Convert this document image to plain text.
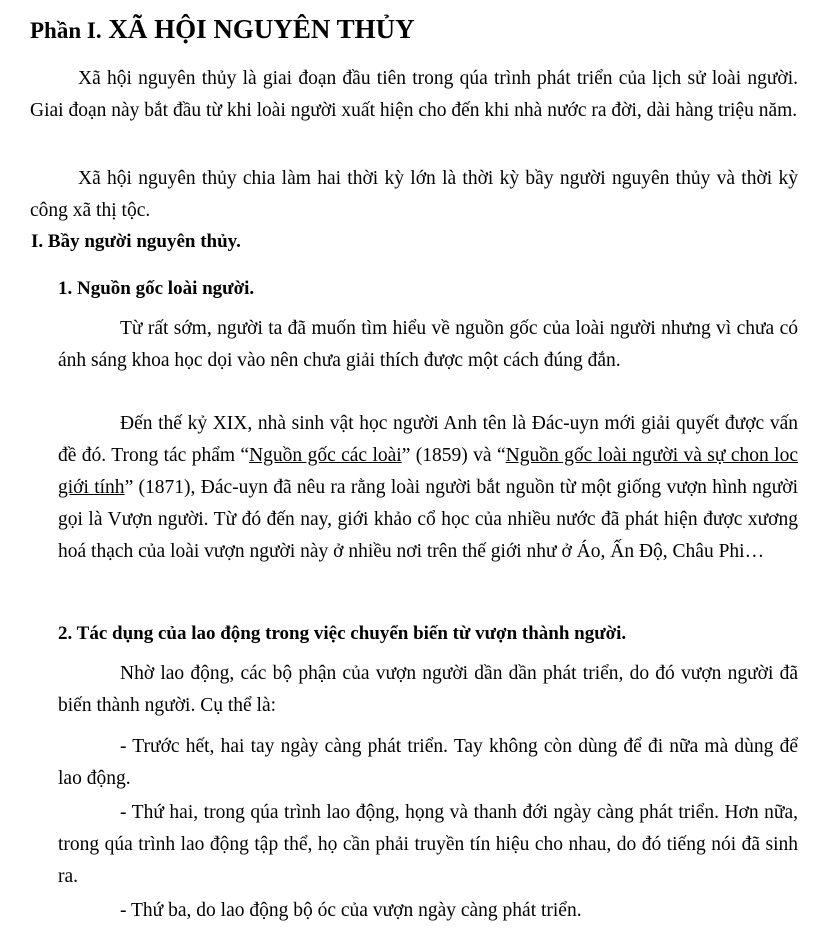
Phần I. XÃ HỘI NGUYÊN THỦY

Xã hội nguyên thủy là giai đoạn đầu tiên trong qúa trình phát triển của lịch sử loài người. Giai đoạn này bắt đầu từ khi loài người xuất hiện cho đến khi nhà nước ra đời, dài hàng triệu năm.

Xã hội nguyên thủy chia làm hai thời kỳ lớn là thời kỳ bầy người nguyên thủy và thời kỳ công xã thị tộc.

I. Bầy người nguyên thủy.
1. Nguồn gốc loài người.

Từ rất sớm, người ta đã muốn tìm hiểu về nguồn gốc của loài người nhưng vì chưa có ánh sáng khoa học dọi vào nên chưa giải thích được một cách đúng đắn.

Đến thế kỷ XIX, nhà sinh vật học người Anh tên là Đác-uyn mới giải quyết được vấn đề đó. Trong tác phẩm “Nguồn gốc các loài” (1859) và “Nguồn gốc loài người và sự chon loc giới tính” (1871), Đác-uyn đã nêu ra rằng loài người bắt nguồn từ một giống vượn hình người gọi là Vượn người. Từ đó đến nay, giới khảo cổ học của nhiều nước đã phát hiện được xương hoá thạch của loài vượn người này ở nhiều nơi trên thế giới như ở Áo, Ấn Độ, Châu Phi…

2. Tác dụng của lao động trong việc chuyển biến từ vượn thành người.

Nhờ lao động, các bộ phận của vượn người dần dần phát triển, do đó vượn người đã biến thành người. Cụ thể là:

- Trước hết, hai tay ngày càng phát triển. Tay không còn dùng để đi nữa mà dùng để lao động.

- Thứ hai, trong qúa trình lao động, họng và thanh đới ngày càng phát triển. Hơn nữa, trong qúa trình lao động tập thể, họ cần phải truyền tín hiệu cho nhau, do đó tiếng nói đã sinh ra.

- Thứ ba, do lao động bộ óc của vượn ngày càng phát triển.
